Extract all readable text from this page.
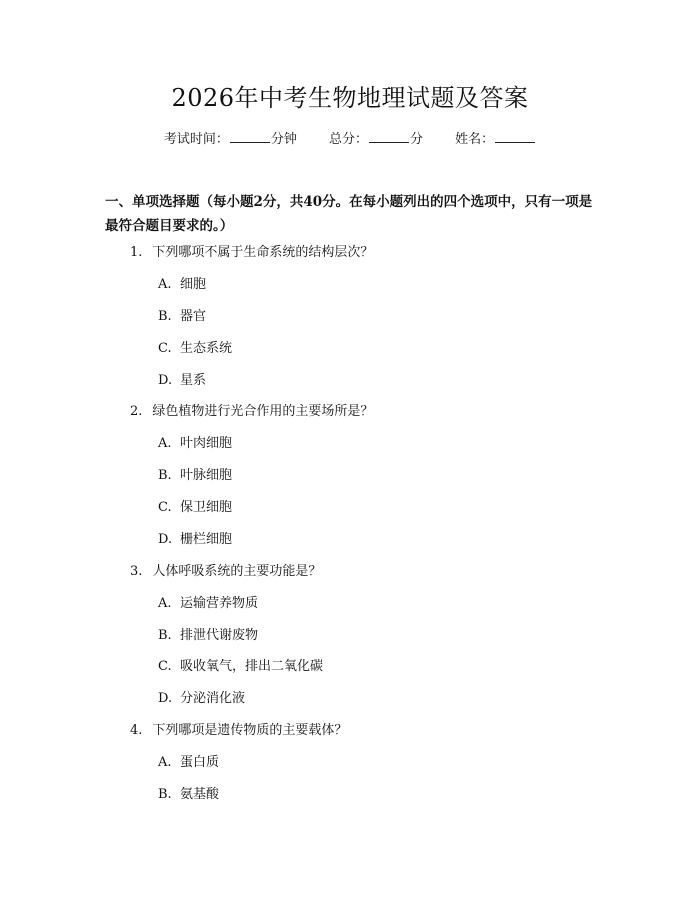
2026年中考生物地理试题及答案
考试时间：	分钟 总分：	分 姓名：
一、单项选择题（每小题2分，共40分。在每小题列出的四个选项中，只有一项是最符合题目要求的。）
1. 下列哪项不属于生命系统的结构层次？
A. 细胞
B. 器官
C. 生态系统
D. 星系
2. 绿色植物进行光合作用的主要场所是？
A. 叶肉细胞
B. 叶脉细胞
C. 保卫细胞
D. 栅栏细胞
3. 人体呼吸系统的主要功能是？
A. 运输营养物质
B. 排泄代谢废物
C. 吸收氧气，排出二氧化碳
D. 分泌消化液
4. 下列哪项是遗传物质的主要载体？
A. 蛋白质
B. 氨基酸
